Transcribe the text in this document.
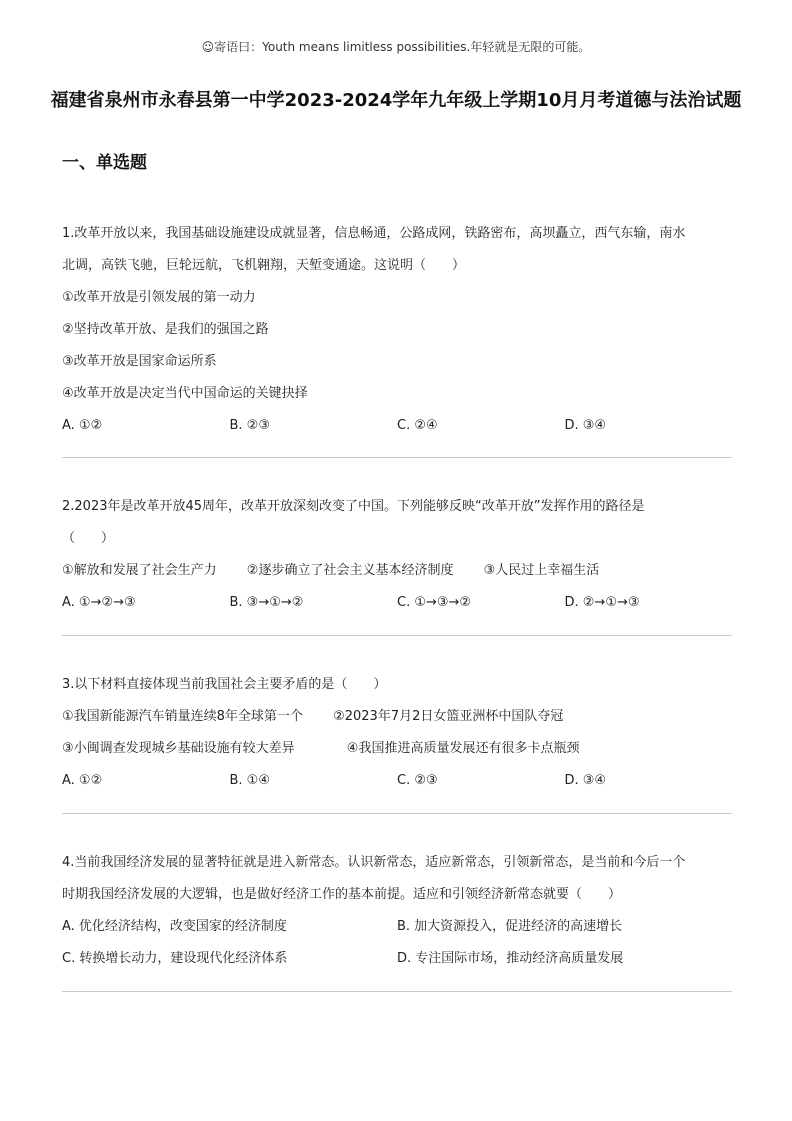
☺寄语曰：Youth means limitless possibilities.年轻就是无限的可能。
福建省泉州市永春县第一中学2023-2024学年九年级上学期10月月考道德与法治试题
一、单选题
1.改革开放以来，我国基础设施建设成就显著，信息畅通，公路成网，铁路密布，高坝矗立，西气东输，南水
北调，高铁飞驰，巨轮远航，飞机翱翔，天堑变通途。这说明（　　）
①改革开放是引领发展的第一动力
②坚持改革开放、是我们的强国之路
③改革开放是国家命运所系
④改革开放是决定当代中国命运的关键抉择
A. ①②	B. ②③	C. ②④	D. ③④
2.2023年是改革开放45周年，改革开放深刻改变了中国。下列能够反映“改革开放”发挥作用的路径是
（　　）
①解放和发展了社会生产力 ②逐步确立了社会主义基本经济制度 ③人民过上幸福生活
A. ①→②→③	B. ③→①→②	C. ①→③→②	D. ②→①→③
3.以下材料直接体现当前我国社会主要矛盾的是（　　）
①我国新能源汽车销量连续8年全球第一个 ②2023年7月2日女篮亚洲杯中国队夺冠
③小闽调查发现城乡基础设施有较大差异	④我国推进高质量发展还有很多卡点瓶颈
A. ①②	B. ①④	C. ②③	D. ③④
4.当前我国经济发展的显著特征就是进入新常态。认识新常态，适应新常态，引领新常态，是当前和今后一个
时期我国经济发展的大逻辑，也是做好经济工作的基本前提。适应和引领经济新常态就要（　　）
A. 优化经济结构，改变国家的经济制度	B. 加大资源投入，促进经济的高速增长
C. 转换增长动力，建设现代化经济体系	D. 专注国际市场，推动经济高质量发展
